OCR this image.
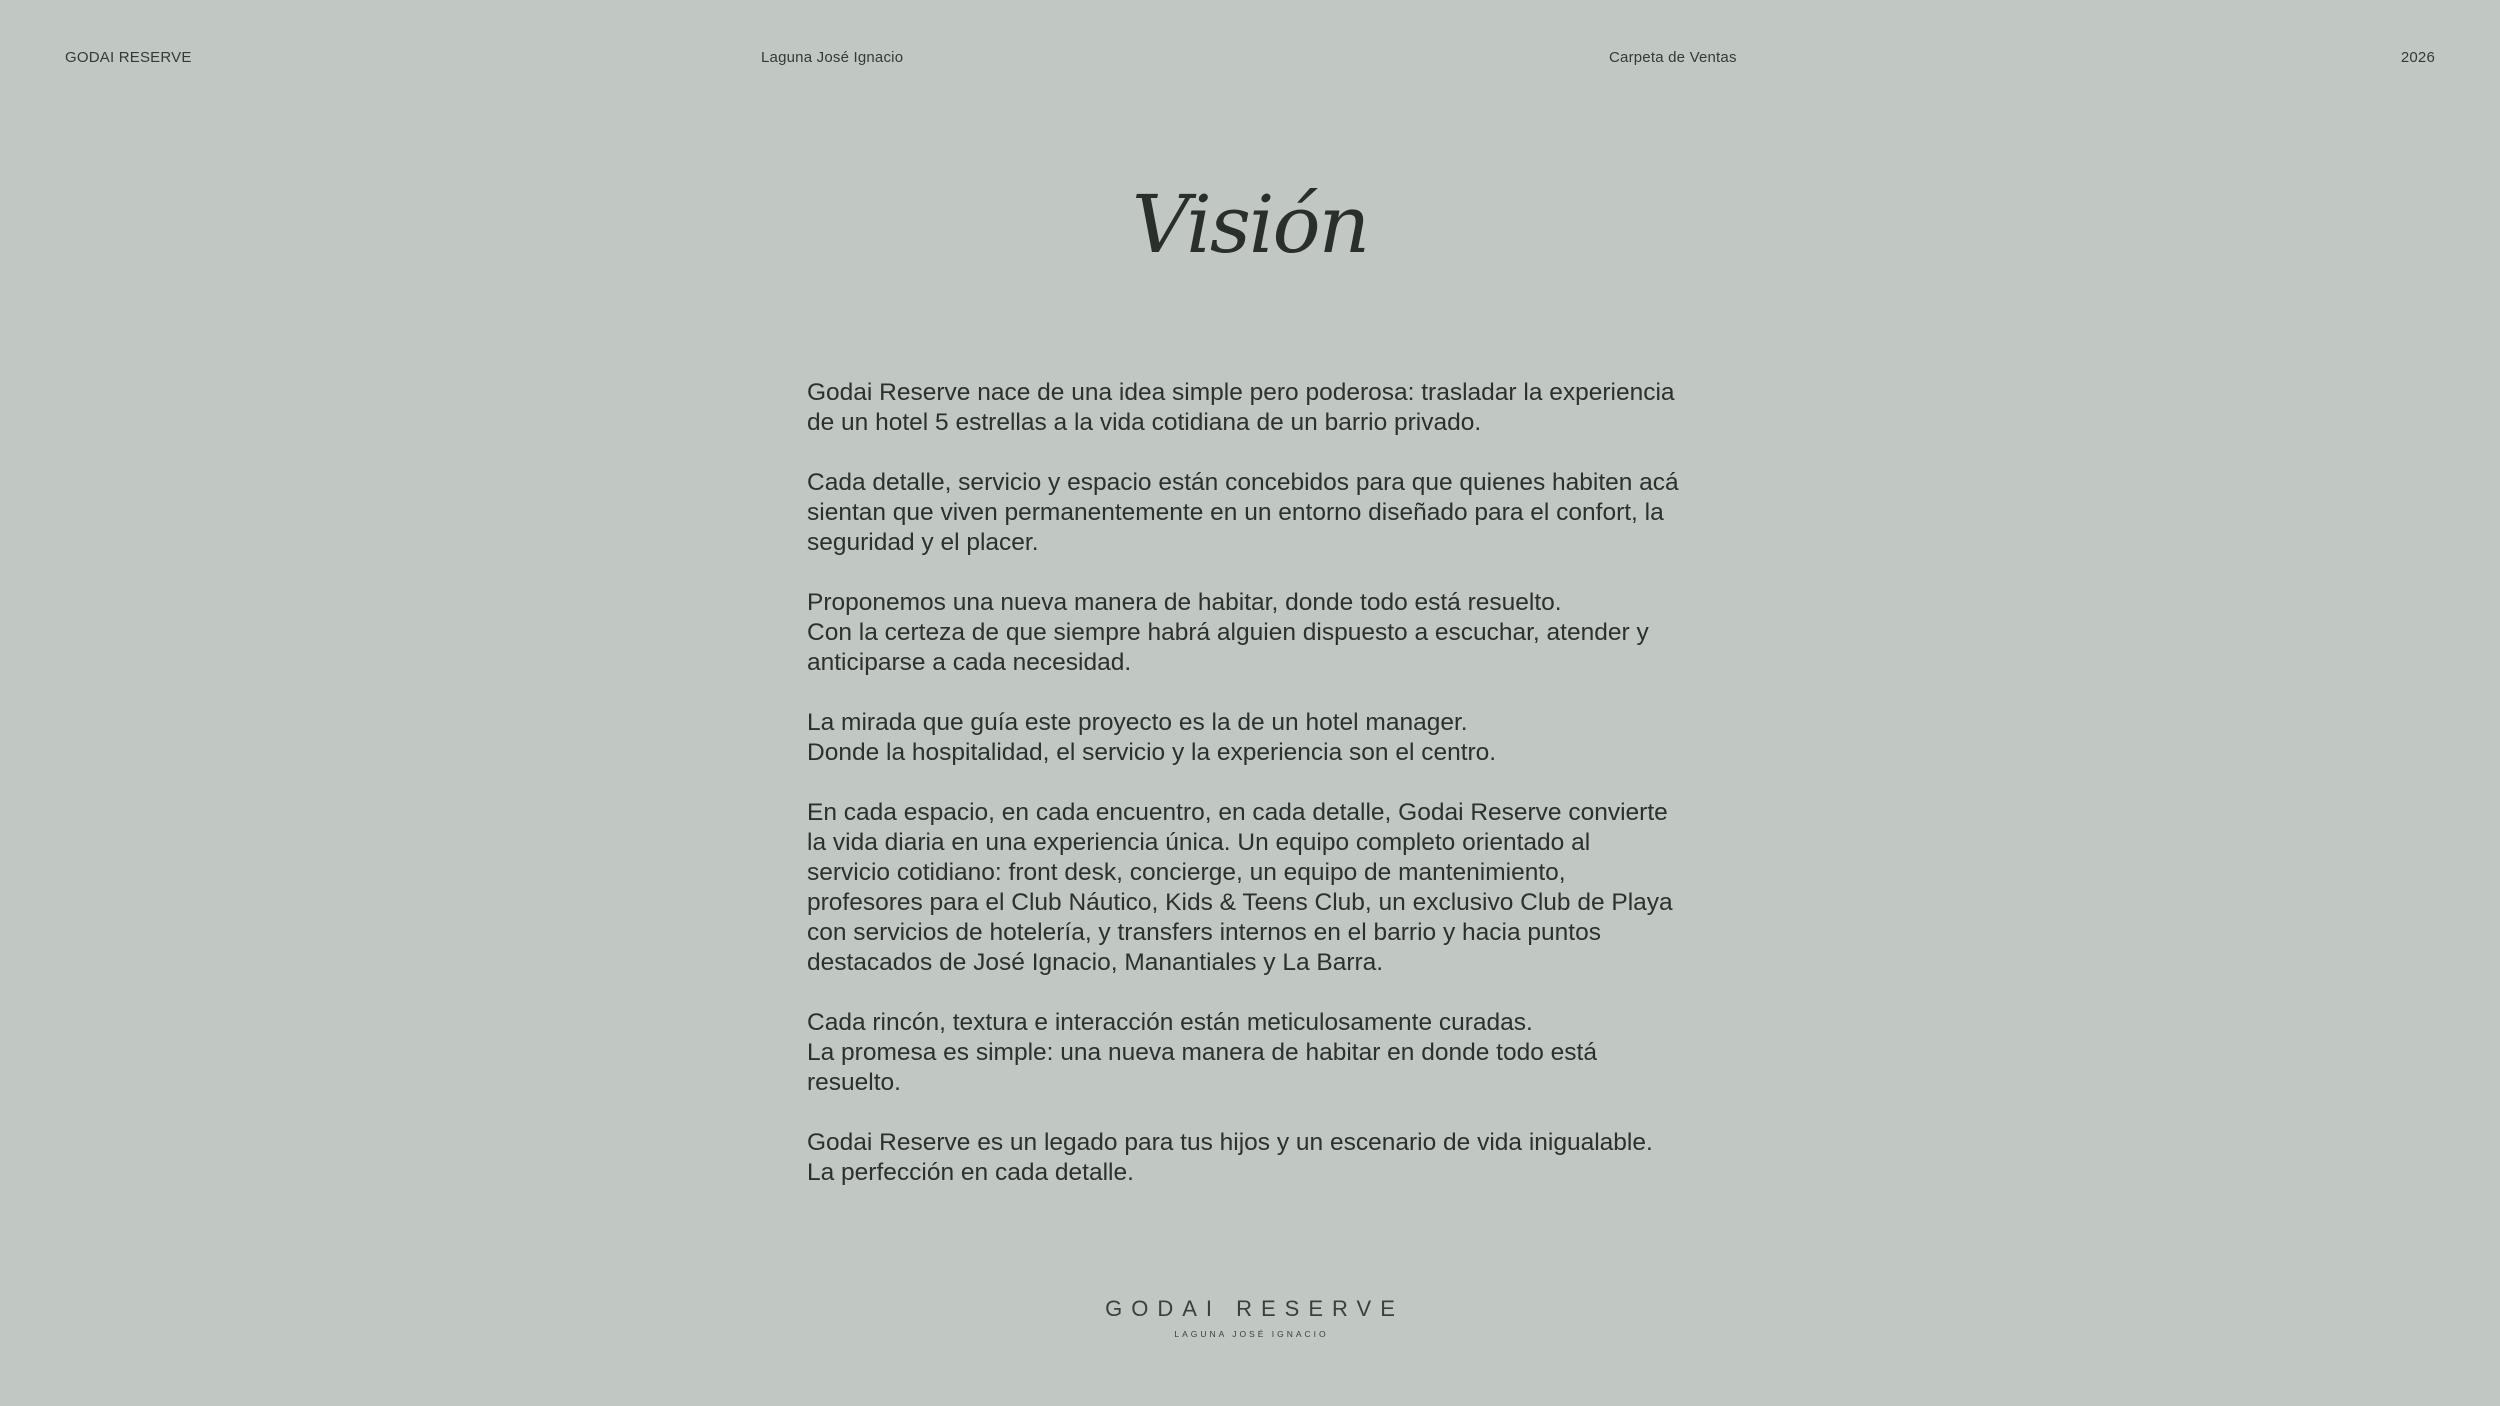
GODAI RESERVE	Laguna José Ignacio	Carpeta de Ventas	2026
Visión

Godai Reserve nace de una idea simple pero poderosa: trasladar la experiencia
de un hotel 5 estrellas a la vida cotidiana de un barrio privado.

Cada detalle, servicio y espacio están concebidos para que quienes habiten acá
sientan que viven permanentemente en un entorno diseñado para el confort, la
seguridad y el placer.

Proponemos una nueva manera de habitar, donde todo está resuelto.
Con la certeza de que siempre habrá alguien dispuesto a escuchar, atender y
anticiparse a cada necesidad.

La mirada que guía este proyecto es la de un hotel manager.
Donde la hospitalidad, el servicio y la experiencia son el centro.

En cada espacio, en cada encuentro, en cada detalle, Godai Reserve convierte
la vida diaria en una experiencia única. Un equipo completo orientado al
servicio cotidiano: front desk, concierge, un equipo de mantenimiento,
profesores para el Club Náutico, Kids & Teens Club, un exclusivo Club de Playa
con servicios de hotelería, y transfers internos en el barrio y hacia puntos
destacados de José Ignacio, Manantiales y La Barra.

Cada rincón, textura e interacción están meticulosamente curadas.
La promesa es simple: una nueva manera de habitar en donde todo está
resuelto.

Godai Reserve es un legado para tus hijos y un escenario de vida inigualable.
La perfección en cada detalle.

GODAI RESERVE
LAGUNA JOSÉ IGNACIO
